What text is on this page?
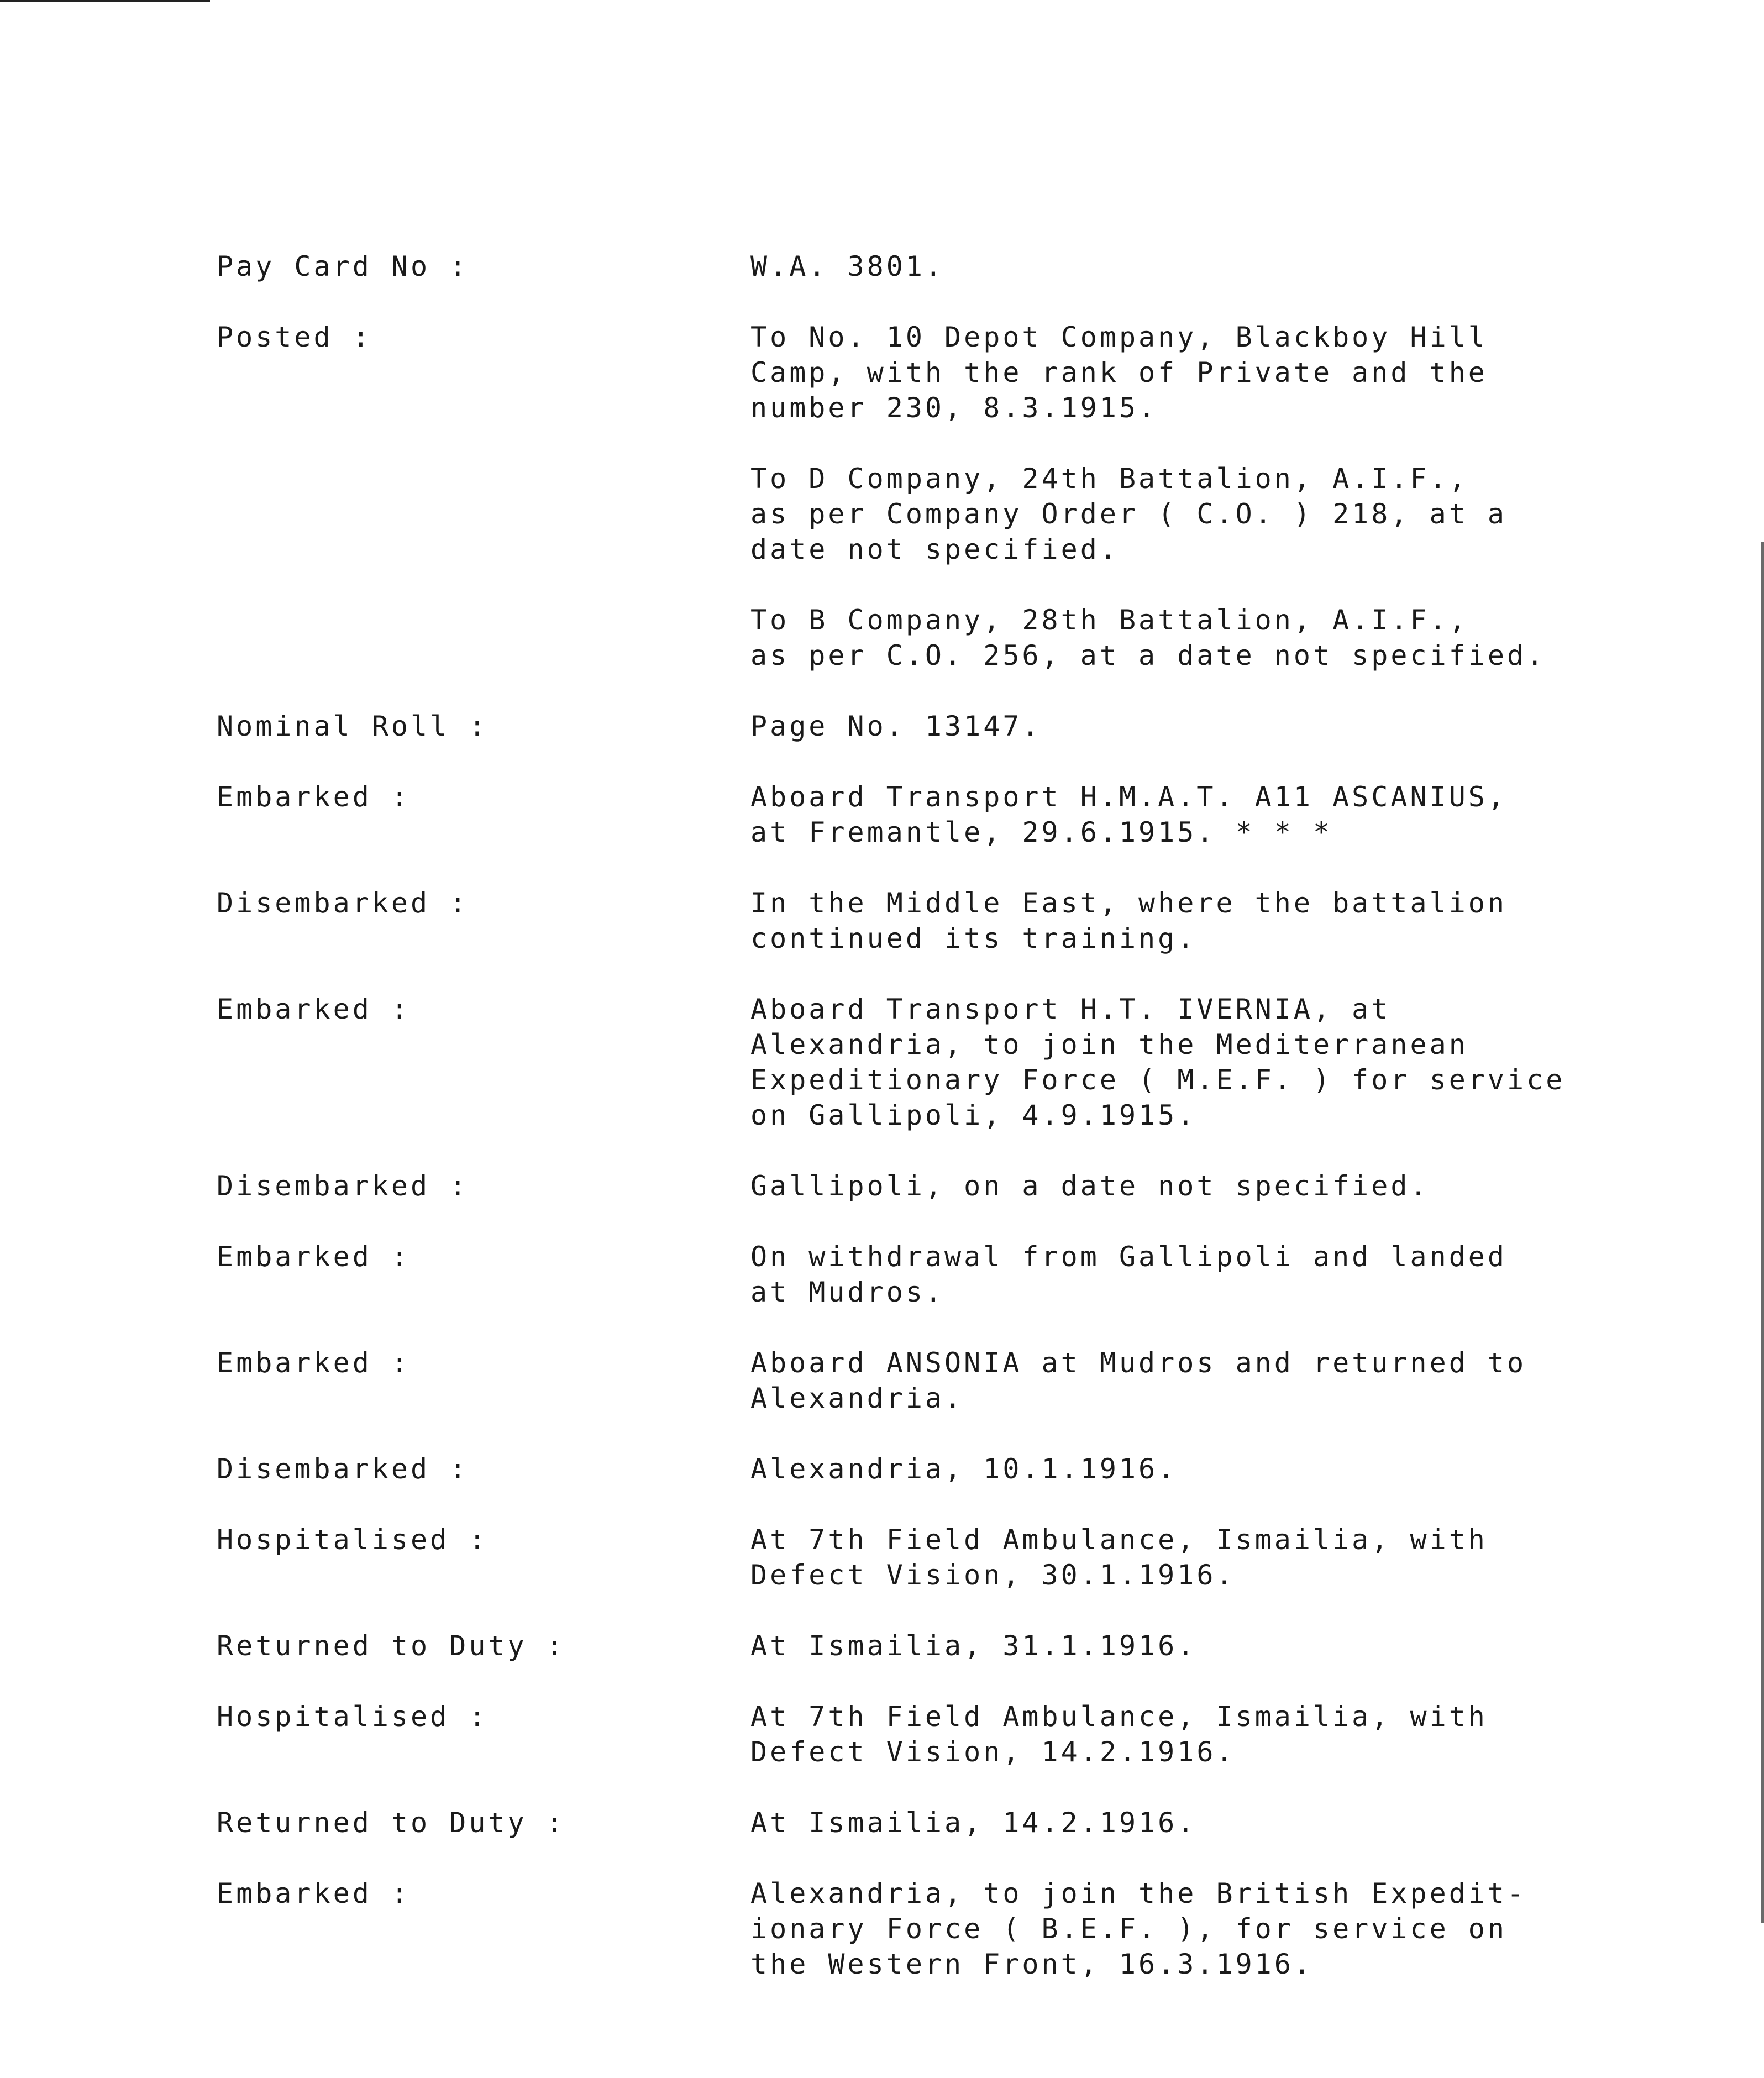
Pay Card No :	W.A. 3801.
Posted :	To No. 10 Depot Company, Blackboy Hill
Camp, with the rank of Private and the
number 230, 8.3.1915.
To D Company, 24th Battalion, A.I.F.,
as per Company Order ( C.O. ) 218, at a
date not specified.
To B Company, 28th Battalion, A.I.F.,
as per C.O. 256, at a date not specified.
Nominal Roll :	Page No. 13147.
Embarked :	Aboard Transport H.M.A.T. A11 ASCANIUS,
at Fremantle, 29.6.1915. * * *
Disembarked :	In the Middle East, where the battalion
continued its training.
Embarked :	Aboard Transport H.T. IVERNIA, at
Alexandria, to join the Mediterranean
Expeditionary Force ( M.E.F. ) for service
on Gallipoli, 4.9.1915.
Disembarked :	Gallipoli, on a date not specified.
Embarked :	On withdrawal from Gallipoli and landed
at Mudros.
Embarked :	Aboard ANSONIA at Mudros and returned to
Alexandria.
Disembarked :	Alexandria, 10.1.1916.
Hospitalised :	At 7th Field Ambulance, Ismailia, with
Defect Vision, 30.1.1916.
Returned to Duty :	At Ismailia, 31.1.1916.
Hospitalised :	At 7th Field Ambulance, Ismailia, with
Defect Vision, 14.2.1916.
Returned to Duty :	At Ismailia, 14.2.1916.
Embarked :	Alexandria, to join the British Expedit-
ionary Force ( B.E.F. ), for service on
the Western Front, 16.3.1916.
